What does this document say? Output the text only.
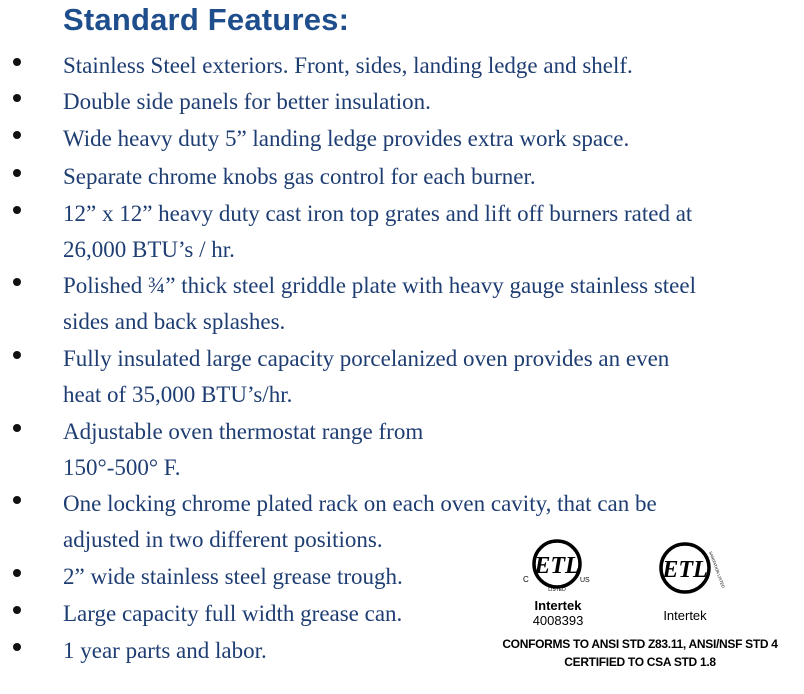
Standard Features:
Stainless Steel exteriors. Front, sides, landing ledge and shelf.
Double side panels for better insulation.
Wide heavy duty 5” landing ledge provides extra work space.
Separate chrome knobs gas control for each burner.
12” x 12” heavy duty cast iron top grates and lift off burners rated at
26,000 BTU’s / hr.
Polished ¾” thick steel griddle plate with heavy gauge stainless steel
sides and back splashes.
Fully insulated large capacity porcelanized oven provides an even
heat of 35,000 BTU’s/hr.
Adjustable oven thermostat range from
150°-500° F.
One locking chrome plated rack on each oven cavity, that can be
adjusted in two different positions.
2” wide stainless steel grease trough.
Large capacity full width grease can.
1 year parts and labor.
ETL
C	US
LISTED
Intertek
4008393
ETL SANITATION LISTED
Intertek
CONFORMS TO ANSI STD Z83.11, ANSI/NSF STD 4
CERTIFIED TO CSA STD 1.8
